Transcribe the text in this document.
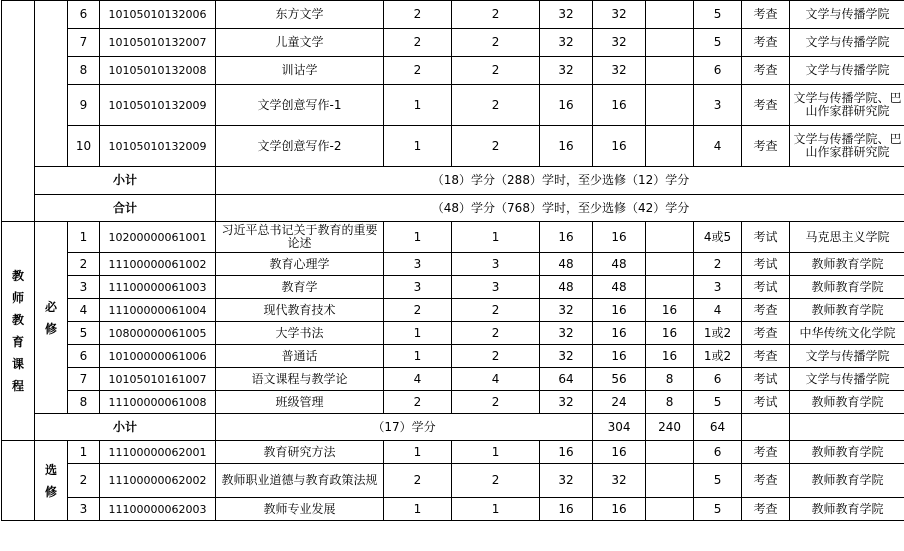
		6	10105010132006	东方文学	2	2	32	32		5	考查	文学与传播学院	
		7	10105010132007	儿童文学	2	2	32	32		5	考查	文学与传播学院	
		8	10105010132008	训诂学	2	2	32	32		6	考查	文学与传播学院	
		9	10105010132009	文学创意写作-1	1	2	16	16		3	考查	文学与传播学院、巴山作家群研究院	
		10	10105010132009	文学创意写作-2	1	2	16	16		4	考查	文学与传播学院、巴山作家群研究院	
	小计			（18）学分（288）学时，至少选修（12）学分									
	合计			（48）学分（768）学时，至少选修（42）学分									
教师教育课程	必修	1	10200000061001	习近平总书记关于教育的重要论述	1	1	16	16		4或5	考试	马克思主义学院	
		2	11100000061002	教育心理学	3	3	48	48		2	考试	教师教育学院	
		3	11100000061003	教育学	3	3	48	48		3	考试	教师教育学院	
		4	11100000061004	现代教育技术	2	2	32	16	16	4	考查	教师教育学院	
		5	10800000061005	大学书法	1	2	32	16	16	1或2	考查	中华传统文化学院	
		6	10100000061006	普通话	1	2	32	16	16	1或2	考查	文学与传播学院	
		7	10105010161007	语文课程与教学论	4	4	64	56	8	6	考试	文学与传播学院	
		8	11100000061008	班级管理	2	2	32	24	8	5	考试	教师教育学院	
	小计			（17）学分				304	240	64			
	选修	1	11100000062001	教育研究方法	1	1	16	16		6	考查	教师教育学院	
		2	11100000062002	教师职业道德与教育政策法规	2	2	32	32		5	考查	教师教育学院	
		3	11100000062003	教师专业发展	1	1	16	16		5	考查	教师教育学院	
